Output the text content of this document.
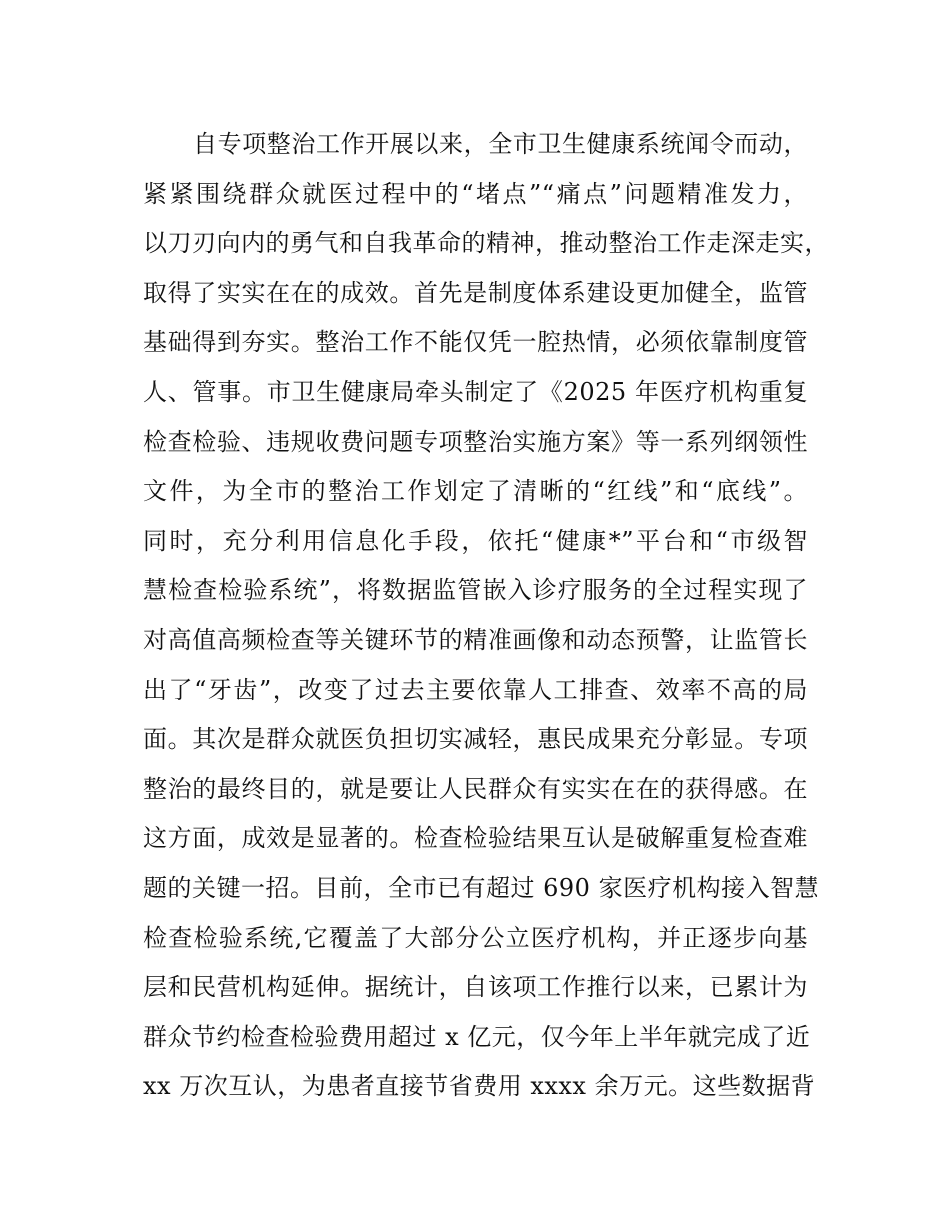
自专项整治工作开展以来，全市卫生健康系统闻令而动，
紧紧围绕群众就医过程中的“堵点”“痛点”问题精准发力，
以刀刃向内的勇气和自我革命的精神，推动整治工作走深走实，
取得了实实在在的成效。首先是制度体系建设更加健全，监管
基础得到夯实。整治工作不能仅凭一腔热情，必须依靠制度管
人、管事。市卫生健康局牵头制定了《2025 年医疗机构重复
检查检验、违规收费问题专项整治实施方案》等一系列纲领性
文件，为全市的整治工作划定了清晰的“红线”和“底线”。
同时，充分利用信息化手段，依托“健康*”平台和“市级智
慧检查检验系统”，将数据监管嵌入诊疗服务的全过程实现了
对高值高频检查等关键环节的精准画像和动态预警，让监管长
出了“牙齿”，改变了过去主要依靠人工排查、效率不高的局
面。其次是群众就医负担切实减轻，惠民成果充分彰显。专项
整治的最终目的，就是要让人民群众有实实在在的获得感。在
这方面，成效是显著的。检查检验结果互认是破解重复检查难
题的关键一招。目前，全市已有超过 690 家医疗机构接入智慧
检查检验系统,它覆盖了大部分公立医疗机构，并正逐步向基
层和民营机构延伸。据统计，自该项工作推行以来，已累计为
群众节约检查检验费用超过 x 亿元，仅今年上半年就完成了近
xx 万次互认，为患者直接节省费用 xxxx 余万元。这些数据背
